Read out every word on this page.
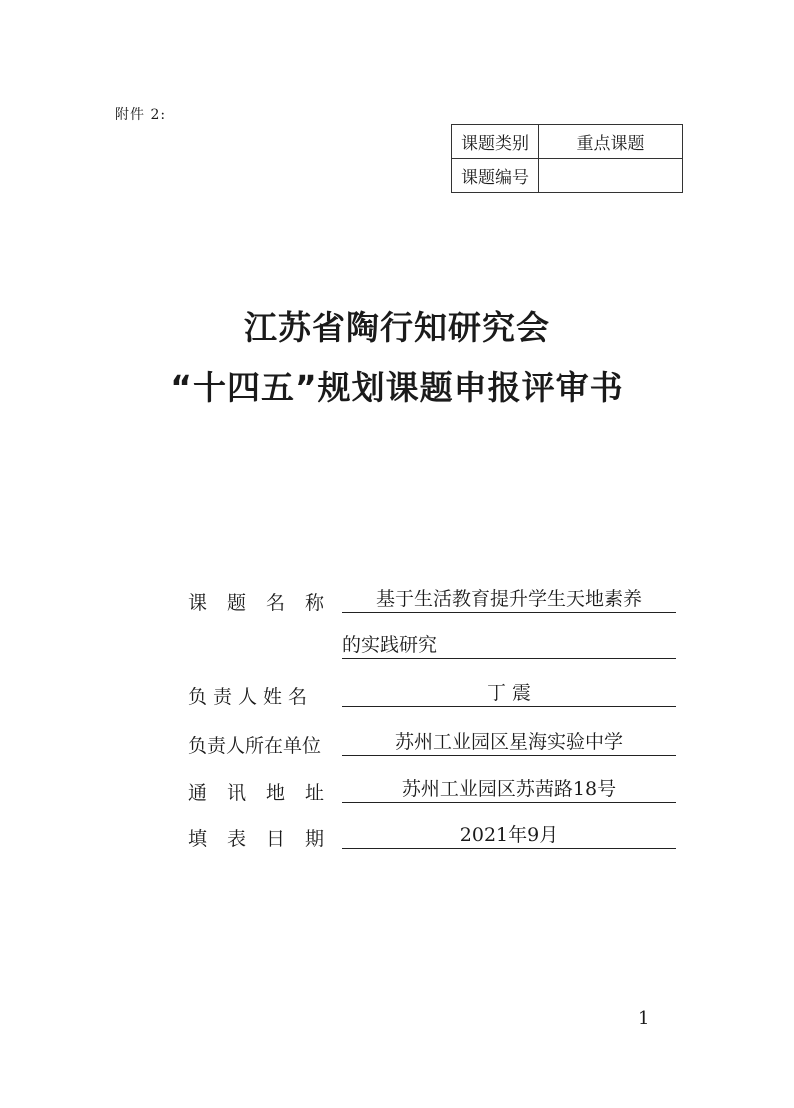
附件 2:
课题类别	重点课题
课题编号	
江苏省陶行知研究会
“十四五”规划课题申报评审书
课题名称	基于生活教育提升学生天地素养
的实践研究
负责人姓名	丁 震
负责人所在单位	苏州工业园区星海实验中学
通讯地址	苏州工业园区苏茜路18号
填表日期	2021年9月
1
